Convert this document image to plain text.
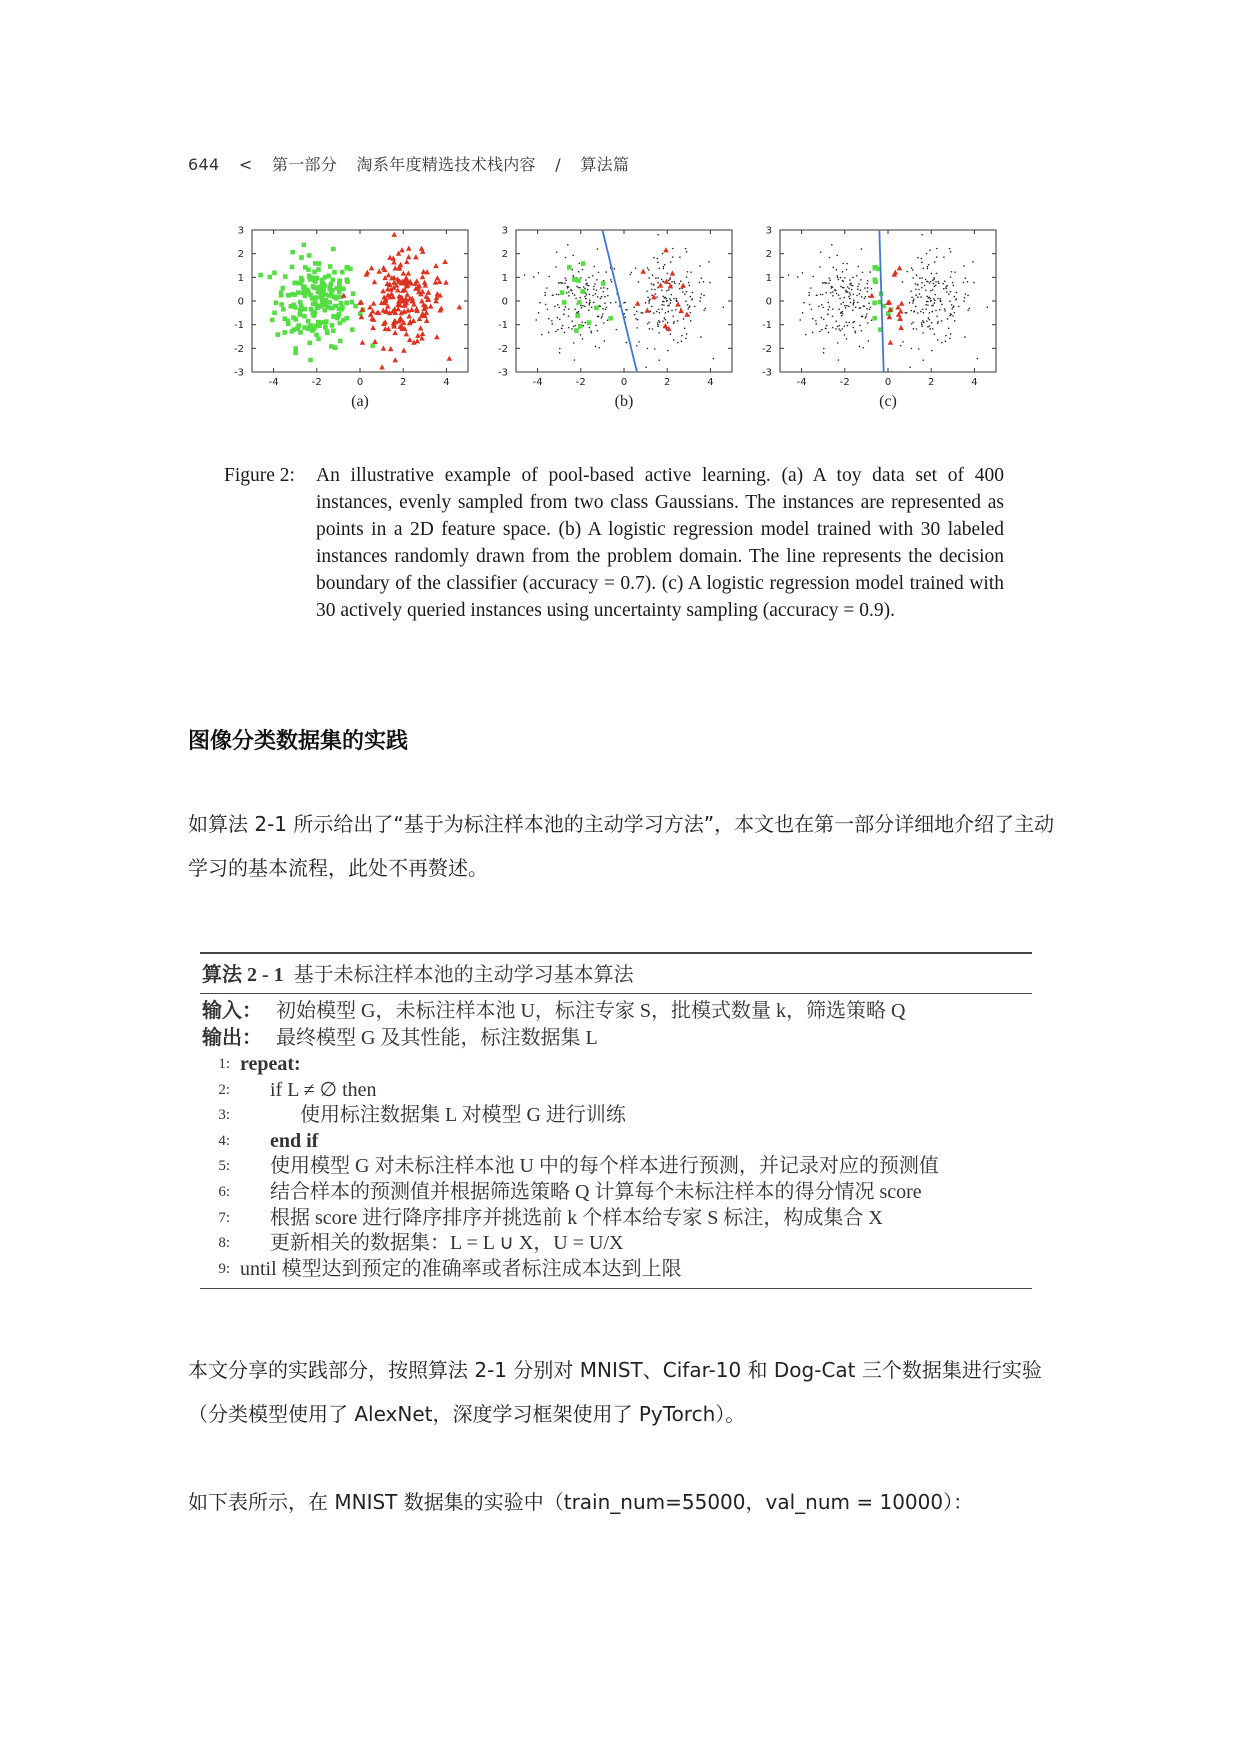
644 < 第一部分 淘系年度精选技术栈内容 / 算法篇
3
2
1
0
-1
-2
-3
-4	-2	0	2	4
(a)
3
2
1
0
-1
-2
-3
-4	-2	0	2	4
(b)
3
2
1
0
-1
-2
-3
-4	-2	0	2	4
(c)
Figure 2:	An illustrative example of pool-based active learning. (a) A toy data set of 400 instances, evenly sampled from two class Gaussians. The instances are represented as points in a 2D feature space. (b) A logistic regression model trained with 30 labeled instances randomly drawn from the problem domain. The line represents the decision boundary of the classifier (accuracy = 0.7). (c) A logistic regression model trained with 30 actively queried instances using uncertainty sampling (accuracy = 0.9).
图像分类数据集的实践
如算法 2-1 所示给出了“基于为标注样本池的主动学习方法”，本文也在第一部分详细地介绍了主动学习的基本流程，此处不再赘述。
算法 2 - 1 基于未标注样本池的主动学习基本算法
输入： 初始模型 G，未标注样本池 U，标注专家 S，批模式数量 k，筛选策略 Q
输出： 最终模型 G 及其性能，标注数据集 L
1: repeat:
2:	if L ≠ ∅ then
3:	使用标注数据集 L 对模型 G 进行训练
4:	end if
5:	使用模型 G 对未标注样本池 U 中的每个样本进行预测，并记录对应的预测值
6:	结合样本的预测值并根据筛选策略 Q 计算每个未标注样本的得分情况 score
7:	根据 score 进行降序排序并挑选前 k 个样本给专家 S 标注，构成集合 X
8:	更新相关的数据集：L = L ∪ X，U = U/X
9: until 模型达到预定的准确率或者标注成本达到上限
本文分享的实践部分，按照算法 2-1 分别对 MNIST、Cifar-10 和 Dog-Cat 三个数据集进行实验（分类模型使用了 AlexNet，深度学习框架使用了 PyTorch）。
如下表所示，在 MNIST 数据集的实验中（train_num=55000，val_num = 10000）：
